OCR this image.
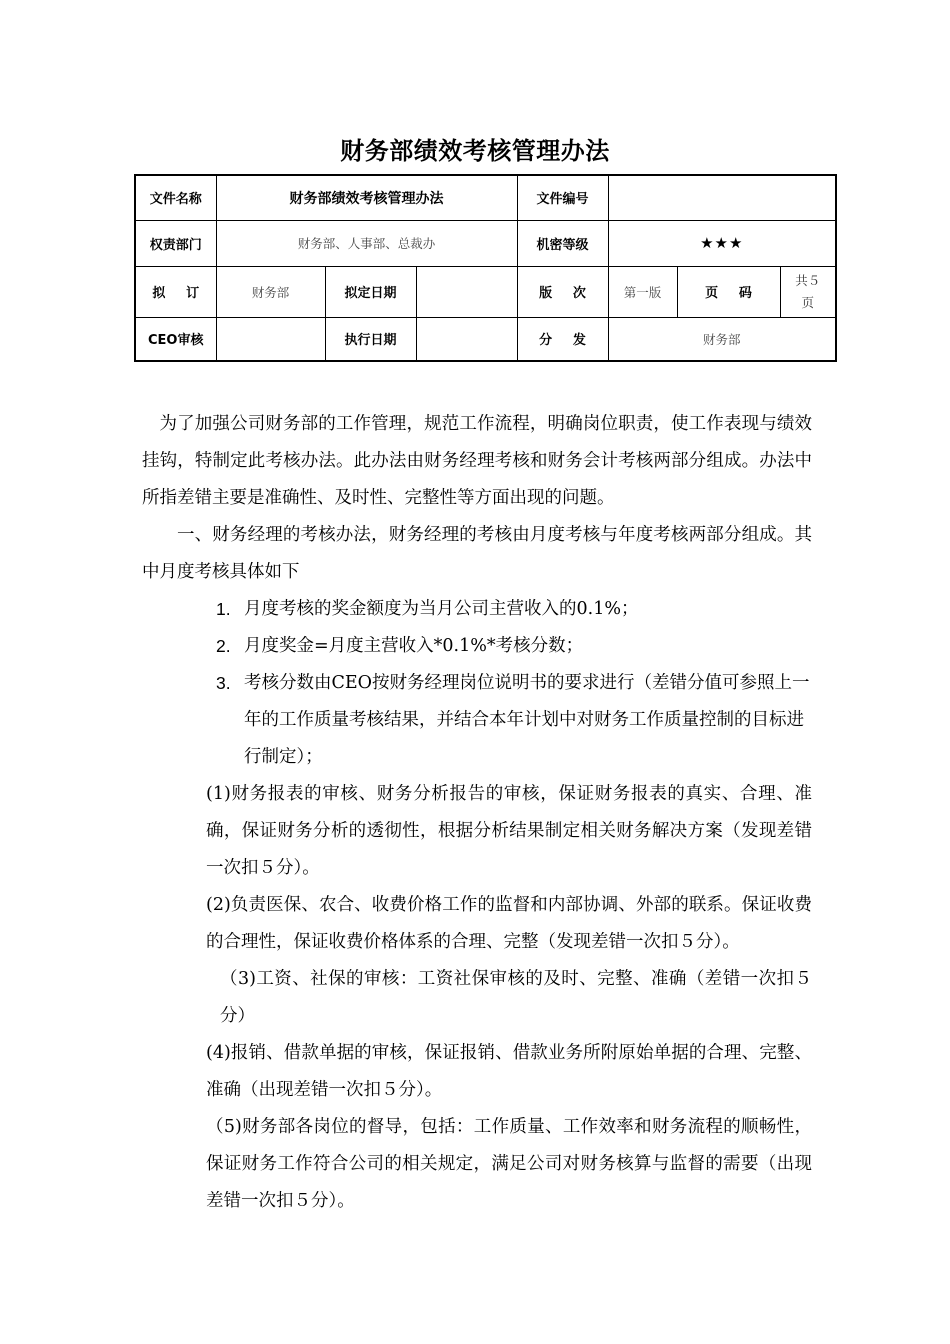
财务部绩效考核管理办法
文件名称	财务部绩效考核管理办法			文件编号			
权责部门	财务部、人事部、总裁办			机密等级	★★★		
拟订	财务部	拟定日期		版次	第一版	页码	共５
页

CEO审核		执行日期		分发	财务部		

为了加强公司财务部的工作管理，规范工作流程，明确岗位职责，使工作表现与绩效挂钩，特制定此考核办法。此办法由财务经理考核和财务会计考核两部分组成。办法中所指差错主要是准确性、及时性、完整性等方面出现的问题。

一、财务经理的考核办法，财务经理的考核由月度考核与年度考核两部分组成。其中月度考核具体如下

1. 月度考核的奖金额度为当月公司主营收入的0.1%；
2. 月度奖金=月度主营收入*0.1%*考核分数；
3. 考核分数由CEO按财务经理岗位说明书的要求进行（差错分值可参照上一年的工作质量考核结果，并结合本年计划中对财务工作质量控制的目标进行制定）；

(1)财务报表的审核、财务分析报告的审核，保证财务报表的真实、合理、准确，保证财务分析的透彻性，根据分析结果制定相关财务解决方案（发现差错一次扣５分）。

(2)负责医保、农合、收费价格工作的监督和内部协调、外部的联系。保证收费的合理性，保证收费价格体系的合理、完整（发现差错一次扣５分）。

（3)工资、社保的审核：工资社保审核的及时、完整、准确（差错一次扣５分）

(4)报销、借款单据的审核，保证报销、借款业务所附原始单据的合理、完整、准确（出现差错一次扣５分）。

（5)财务部各岗位的督导，包括：工作质量、工作效率和财务流程的顺畅性，保证财务工作符合公司的相关规定，满足公司对财务核算与监督的需要（出现差错一次扣５分）。
